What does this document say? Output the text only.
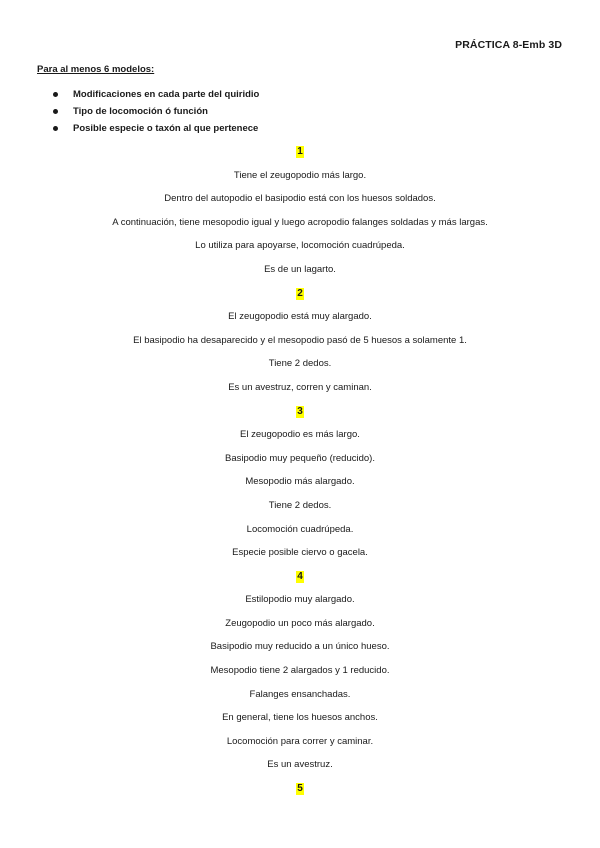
PRÁCTICA 8-Emb 3D
Para al menos 6 modelos:
Modificaciones en cada parte del quiridio
Tipo de locomoción ó función
Posible especie o taxón al que pertenece
1
Tiene el zeugopodio más largo.
Dentro del autopodio el basipodio está con los huesos soldados.
A continuación, tiene mesopodio igual y luego acropodio falanges soldadas y más largas.
Lo utiliza para apoyarse, locomoción cuadrúpeda.
Es de un lagarto.
2
El zeugopodio está muy alargado.
El basipodio ha desaparecido y el mesopodio pasó de 5 huesos a solamente 1.
Tiene 2 dedos.
Es un avestruz, corren y caminan.
3
El zeugopodio es más largo.
Basipodio muy pequeño (reducido).
Mesopodio más alargado.
Tiene 2 dedos.
Locomoción cuadrúpeda.
Especie posible ciervo o gacela.
4
Estilopodio muy alargado.
Zeugopodio un poco más alargado.
Basipodio muy reducido a un único hueso.
Mesopodio tiene 2 alargados y 1 reducido.
Falanges ensanchadas.
En general, tiene los huesos anchos.
Locomoción para correr y caminar.
Es un avestruz.
5
